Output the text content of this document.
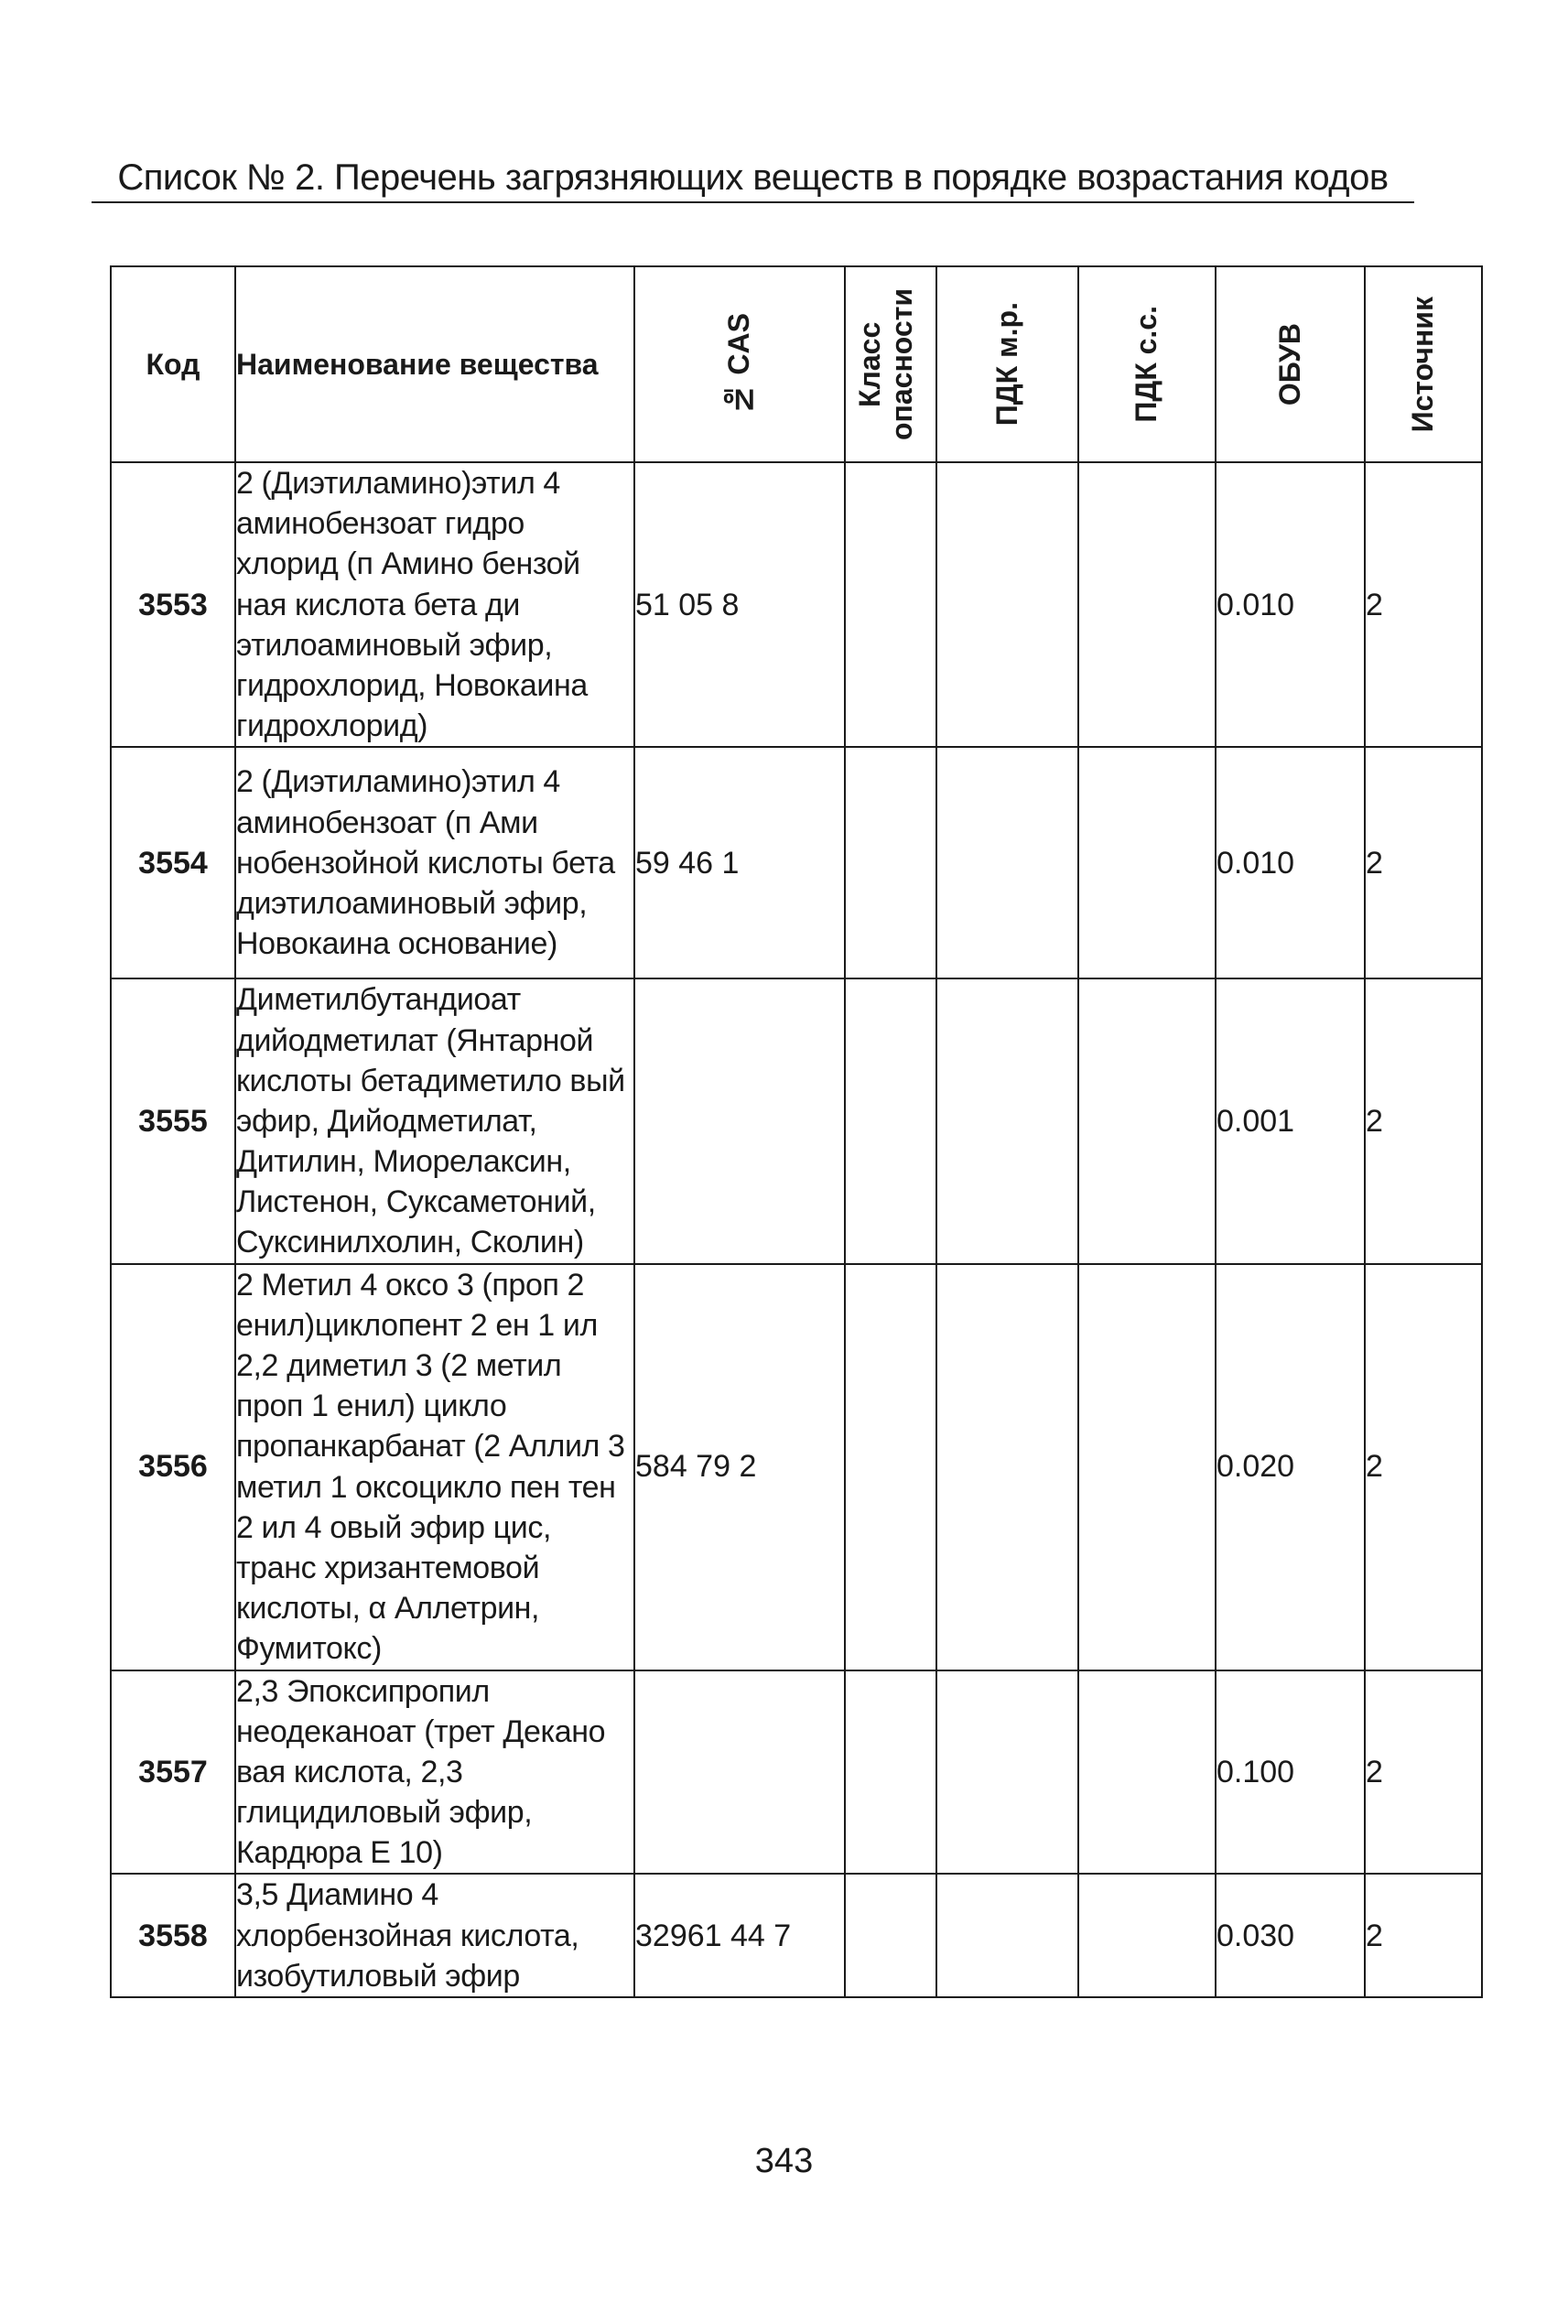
Список № 2. Перечень загрязняющих веществ в порядке возрастания кодов
Код	Наименование вещества	№ CAS	Класс опасности	ПДК м.р.	ПДК с.с.	ОБУВ	Источник

3553	2 (Диэтиламино)этил 4 аминобензоат гидро хлорид (п Амино бензой ная кислота бета ди этилоаминовый эфир, гидрохлорид, Новокаина гидрохлорид)	51 05 8				0.010	2
3554	2 (Диэтиламино)этил 4 аминобензоат (п Ами нобензойной кислоты бета диэтилоаминовый эфир, Новокаина основание)	59 46 1				0.010	2
3555	Диметилбутандиоат дийодметилат (Янтарной кислоты бетадиметило вый эфир, Дийодметилат, Дитилин, Миорелаксин, Листенон, Суксаметоний, Суксинилхолин, Сколин)					0.001	2
3556	2 Метил 4 оксо 3 (проп 2 енил)циклопент 2 ен 1 ил 2,2 диметил 3 (2 метил проп 1 енил) цикло пропанкарбанат (2 Аллил 3 метил 1 оксоцикло пен тен 2 ил 4 овый эфир цис, транс хризантемовой кислоты, α Аллетрин, Фумитокс)	584 79 2				0.020	2
3557	2,3 Эпоксипропил неодеканоат (трет Декано вая кислота, 2,3 глицидиловый эфир, Кардюра Е 10)					0.100	2
3558	3,5 Диамино 4 хлорбензойная кислота, изобутиловый эфир	32961 44 7				0.030	2
343
